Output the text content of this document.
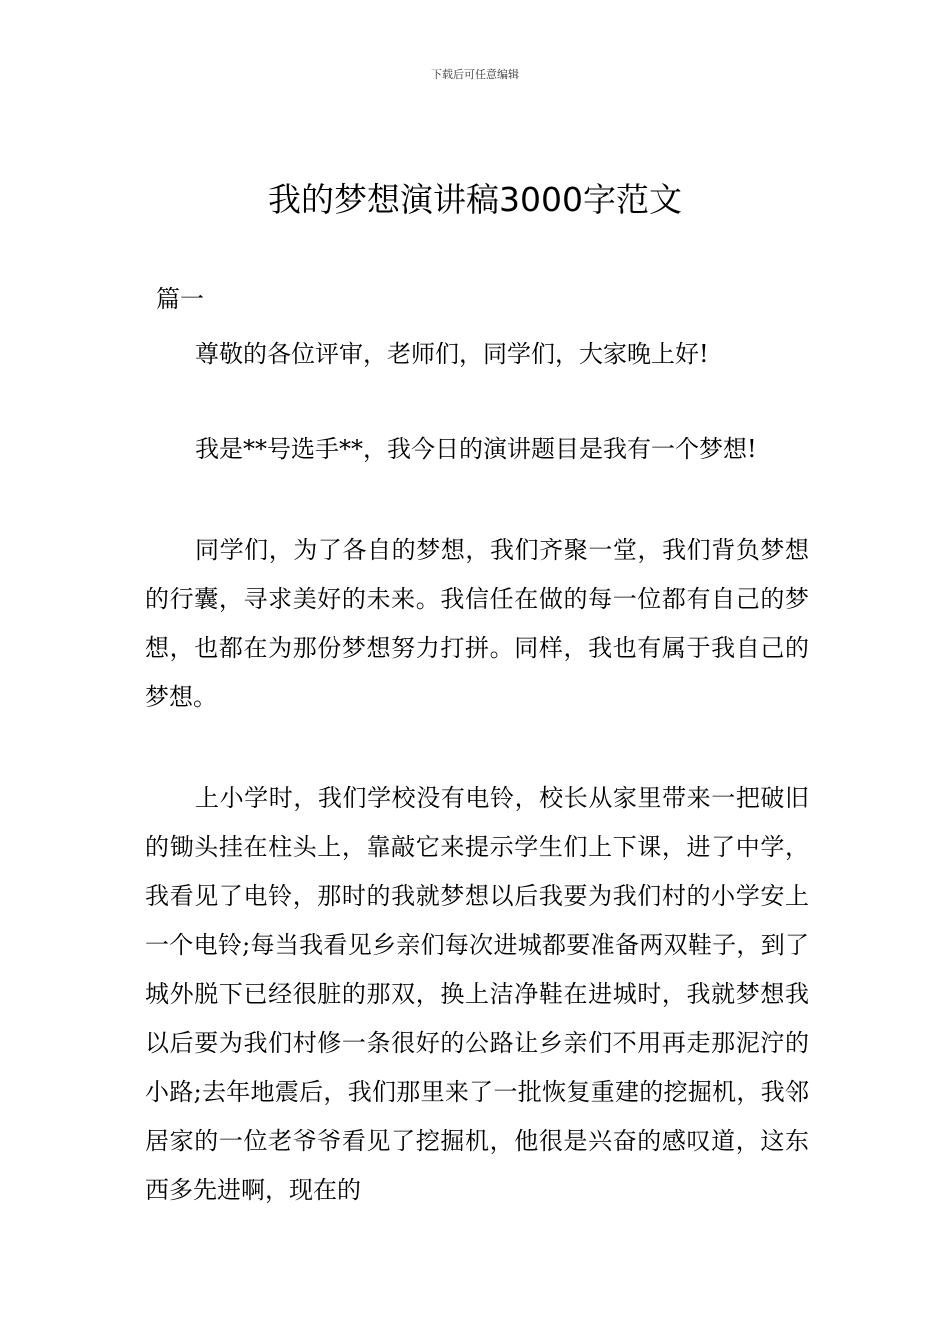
下载后可任意编辑
我的梦想演讲稿3000字范文
篇一

尊敬的各位评审，老师们，同学们，大家晚上好!

我是**号选手**，我今日的演讲题目是我有一个梦想!

同学们，为了各自的梦想，我们齐聚一堂，我们背负梦想的行囊，寻求美好的未来。我信任在做的每一位都有自己的梦想，也都在为那份梦想努力打拼。同样，我也有属于我自己的梦想。

上小学时，我们学校没有电铃，校长从家里带来一把破旧的锄头挂在柱头上，靠敲它来提示学生们上下课，进了中学，我看见了电铃，那时的我就梦想以后我要为我们村的小学安上一个电铃;每当我看见乡亲们每次进城都要准备两双鞋子，到了城外脱下已经很脏的那双，换上洁净鞋在进城时，我就梦想我以后要为我们村修一条很好的公路让乡亲们不用再走那泥泞的小路;去年地震后，我们那里来了一批恢复重建的挖掘机，我邻居家的一位老爷爷看见了挖掘机，他很是兴奋的感叹道，这东西多先进啊，现在的
